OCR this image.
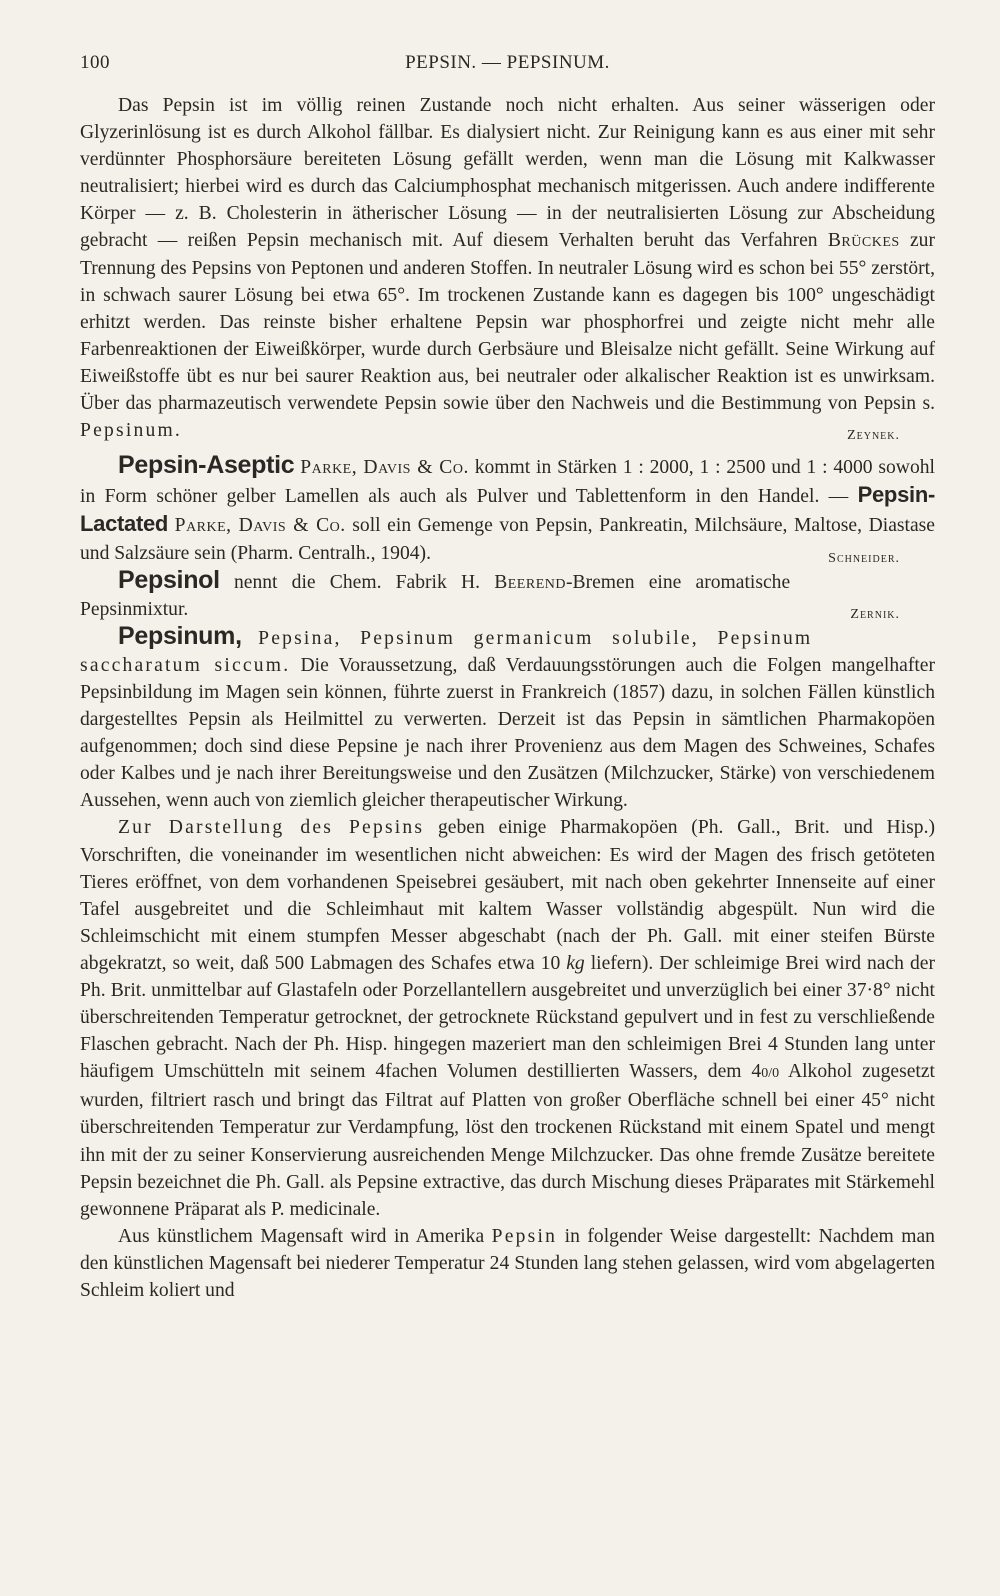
100	PEPSIN. — PEPSINUM.

Das Pepsin ist im völlig reinen Zustande noch nicht erhalten. Aus seiner wässerigen oder Glyzerinlösung ist es durch Alkohol fällbar. Es dialysiert nicht. Zur Reinigung kann es aus einer mit sehr verdünnter Phosphorsäure bereiteten Lösung gefällt werden, wenn man die Lösung mit Kalkwasser neutralisiert; hierbei wird es durch das Calciumphosphat mechanisch mitgerissen. Auch andere indifferente Körper — z. B. Cholesterin in ätherischer Lösung — in der neutralisierten Lösung zur Abscheidung gebracht — reißen Pepsin mechanisch mit. Auf diesem Verhalten beruht das Verfahren Brückes zur Trennung des Pepsins von Peptonen und anderen Stoffen. In neutraler Lösung wird es schon bei 55° zerstört, in schwach saurer Lösung bei etwa 65°. Im trockenen Zustande kann es dagegen bis 100° ungeschädigt erhitzt werden. Das reinste bisher erhaltene Pepsin war phosphorfrei und zeigte nicht mehr alle Farbenreaktionen der Eiweißkörper, wurde durch Gerbsäure und Bleisalze nicht gefällt. Seine Wirkung auf Eiweißstoffe übt es nur bei saurer Reaktion aus, bei neutraler oder alkalischer Reaktion ist es unwirksam. Über das pharmazeutisch verwendete Pepsin sowie über den Nachweis und die Bestimmung von Pepsin s. Pepsinum.	Zeynek.

Pepsin-Aseptic Parke, Davis & Co. kommt in Stärken 1 : 2000, 1 : 2500 und 1 : 4000 sowohl in Form schöner gelber Lamellen als auch als Pulver und Tablettenform in den Handel. — Pepsin-Lactated Parke, Davis & Co. soll ein Gemenge von Pepsin, Pankreatin, Milchsäure, Maltose, Diastase und Salzsäure sein (Pharm. Centralh., 1904).	Schneider.

Pepsinol nennt die Chem. Fabrik H. Beerend-Bremen eine aromatische Pepsinmixtur.	Zernik.

Pepsinum, Pepsina, Pepsinum germanicum solubile, Pepsinum saccharatum siccum. Die Voraussetzung, daß Verdauungsstörungen auch die Folgen mangelhafter Pepsinbildung im Magen sein können, führte zuerst in Frankreich (1857) dazu, in solchen Fällen künstlich dargestelltes Pepsin als Heilmittel zu verwerten. Derzeit ist das Pepsin in sämtlichen Pharmakopöen aufgenommen; doch sind diese Pepsine je nach ihrer Provenienz aus dem Magen des Schweines, Schafes oder Kalbes und je nach ihrer Bereitungsweise und den Zusätzen (Milchzucker, Stärke) von verschiedenem Aussehen, wenn auch von ziemlich gleicher therapeutischer Wirkung.

Zur Darstellung des Pepsins geben einige Pharmakopöen (Ph. Gall., Brit. und Hisp.) Vorschriften, die voneinander im wesentlichen nicht abweichen: Es wird der Magen des frisch getöteten Tieres eröffnet, von dem vorhandenen Speisebrei gesäubert, mit nach oben gekehrter Innenseite auf einer Tafel ausgebreitet und die Schleimhaut mit kaltem Wasser vollständig abgespült. Nun wird die Schleimschicht mit einem stumpfen Messer abgeschabt (nach der Ph. Gall. mit einer steifen Bürste abgekratzt, so weit, daß 500 Labmagen des Schafes etwa 10 kg liefern). Der schleimige Brei wird nach der Ph. Brit. unmittelbar auf Glastafeln oder Porzellantellern ausgebreitet und unverzüglich bei einer 37·8° nicht überschreitenden Temperatur getrocknet, der getrocknete Rückstand gepulvert und in fest zu verschließende Flaschen gebracht. Nach der Ph. Hisp. hingegen mazeriert man den schleimigen Brei 4 Stunden lang unter häufigem Umschütteln mit seinem 4fachen Volumen destillierten Wassers, dem 40/0 Alkohol zugesetzt wurden, filtriert rasch und bringt das Filtrat auf Platten von großer Oberfläche schnell bei einer 45° nicht überschreitenden Temperatur zur Verdampfung, löst den trockenen Rückstand mit einem Spatel und mengt ihn mit der zu seiner Konservierung ausreichenden Menge Milchzucker. Das ohne fremde Zusätze bereitete Pepsin bezeichnet die Ph. Gall. als Pepsine extractive, das durch Mischung dieses Präparates mit Stärkemehl gewonnene Präparat als P. medicinale.

Aus künstlichem Magensaft wird in Amerika Pepsin in folgender Weise dargestellt: Nachdem man den künstlichen Magensaft bei niederer Temperatur 24 Stunden lang stehen gelassen, wird vom abgelagerten Schleim koliert und
